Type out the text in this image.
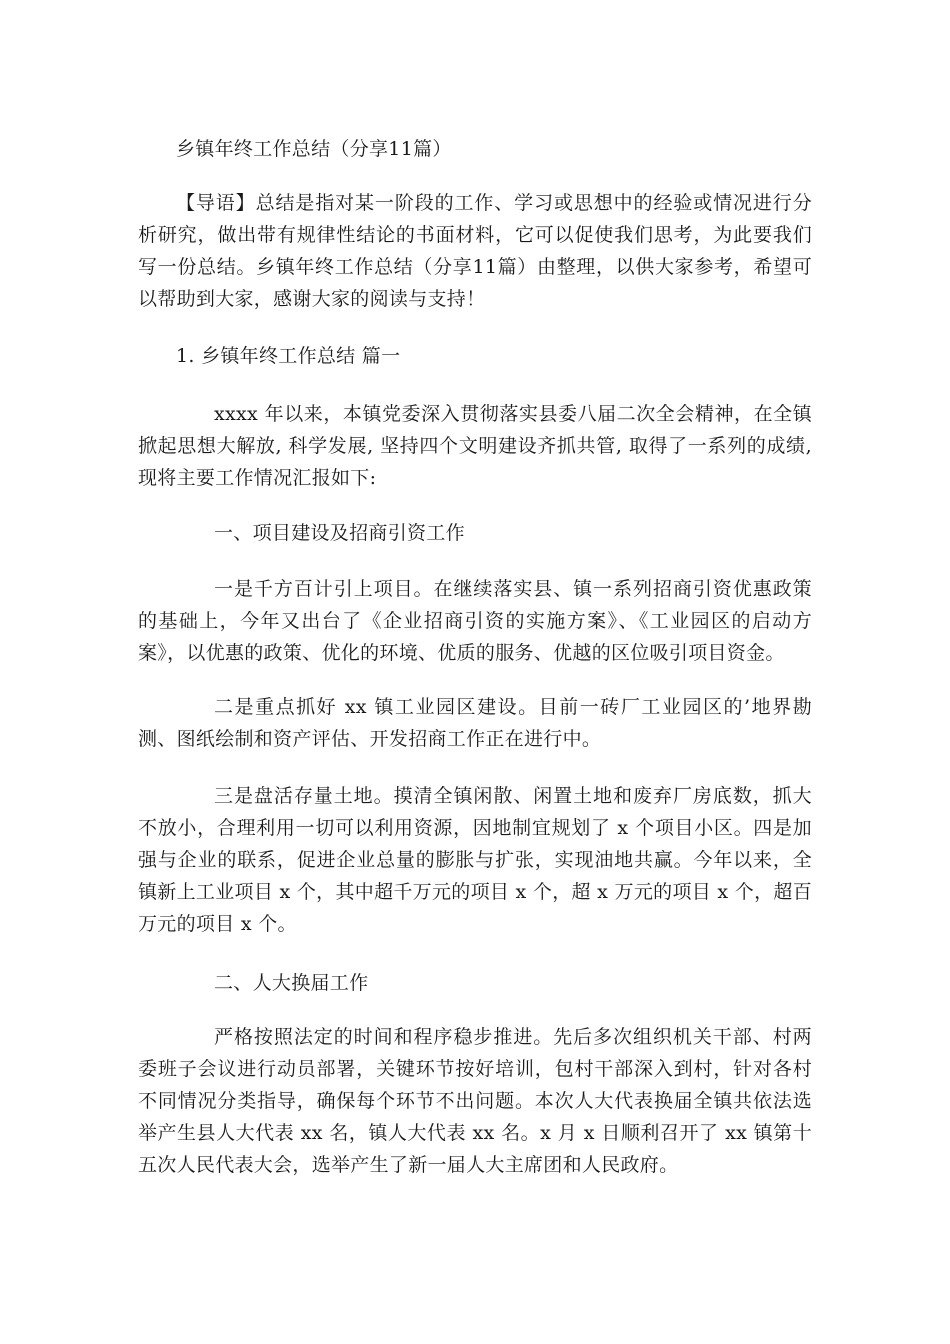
乡镇年终工作总结（分享11篇）
【导语】总结是指对某一阶段的工作、学习或思想中的经验或情况进行分析研究，做出带有规律性结论的书面材料，它可以促使我们思考，为此要我们写一份总结。乡镇年终工作总结（分享11篇）由整理，以供大家参考，希望可以帮助到大家，感谢大家的阅读与支持！
1. 乡镇年终工作总结 篇一
xxxx 年以来，本镇党委深入贯彻落实县委八届二次全会精神，在全镇掀起思想大解放, 科学发展, 坚持四个文明建设齐抓共管, 取得了一系列的成绩, 现将主要工作情况汇报如下:
一、项目建设及招商引资工作
一是千方百计引上项目。在继续落实县、镇一系列招商引资优惠政策的基础上，今年又出台了《企业招商引资的实施方案》、《工业园区的启动方案》，以优惠的政策、优化的环境、优质的服务、优越的区位吸引项目资金。
二是重点抓好 xx 镇工业园区建设。目前一砖厂工业园区的’地界勘测、图纸绘制和资产评估、开发招商工作正在进行中。
三是盘活存量土地。摸清全镇闲散、闲置土地和废弃厂房底数，抓大不放小，合理利用一切可以利用资源，因地制宜规划了 x 个项目小区。四是加强与企业的联系，促进企业总量的膨胀与扩张，实现油地共赢。今年以来，全镇新上工业项目 x 个，其中超千万元的项目 x 个，超 x 万元的项目 x 个，超百万元的项目 x 个。
二、人大换届工作
严格按照法定的时间和程序稳步推进。先后多次组织机关干部、村两委班子会议进行动员部署，关键环节按好培训，包村干部深入到村，针对各村不同情况分类指导，确保每个环节不出问题。本次人大代表换届全镇共依法选举产生县人大代表 xx 名，镇人大代表 xx 名。x 月 x 日顺利召开了 xx 镇第十五次人民代表大会，选举产生了新一届人大主席团和人民政府。
